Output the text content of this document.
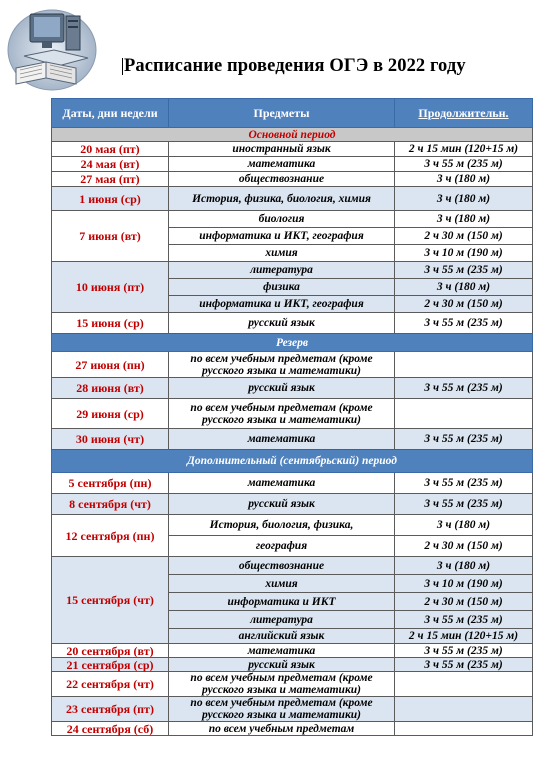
Расписание проведения ОГЭ в 2022 году
Даты, дни недели	Предметы	Продолжительн.
Основной период		
20 мая (пт)	иностранный язык	2 ч 15 мин (120+15 м)
24 мая (вт)	математика	3 ч 55 м (235 м)
27 мая (пт)	обществознание	3 ч (180 м)
1 июня (ср)	История, физика, биология, химия	3 ч (180 м)
7 июня (вт)	биология	3 ч (180 м)
	информатика и ИКТ, география	2 ч 30 м (150 м)
	химия	3 ч 10 м (190 м)
10 июня (пт)	литература	3 ч 55 м (235 м)
	физика	3 ч (180 м)
	информатика и ИКТ, география	2 ч 30 м (150 м)
15 июня (ср)	русский язык	3 ч 55 м (235 м)
Резерв		
27 июня (пн)	по всем учебным предметам (кроме русского языка и математики)	
28 июня (вт)	русский язык	3 ч 55 м (235 м)
29 июня (ср)	по всем учебным предметам (кроме русского языка и математики)	
30 июня (чт)	математика	3 ч 55 м (235 м)
Дополнительный (сентябрьский) период		
5 сентября (пн)	математика	3 ч 55 м (235 м)
8 сентября (чт)	русский язык	3 ч 55 м (235 м)
12 сентября (пн)	История, биология, физика,	3 ч (180 м)
	география	2 ч 30 м (150 м)
15 сентября (чт)	обществознание	3 ч (180 м)
	химия	3 ч 10 м (190 м)
	информатика и ИКТ	2 ч 30 м (150 м)
	литература	3 ч 55 м (235 м)
	английский язык	2 ч 15 мин (120+15 м)
20 сентября (вт)	математика	3 ч 55 м (235 м)
21 сентября (ср)	русский язык	3 ч 55 м (235 м)
22 сентября (чт)	по всем учебным предметам (кроме русского языка и математики)	
23 сентября (пт)	по всем учебным предметам (кроме русского языка и математики)	
24 сентября (сб)	по всем учебным предметам	
